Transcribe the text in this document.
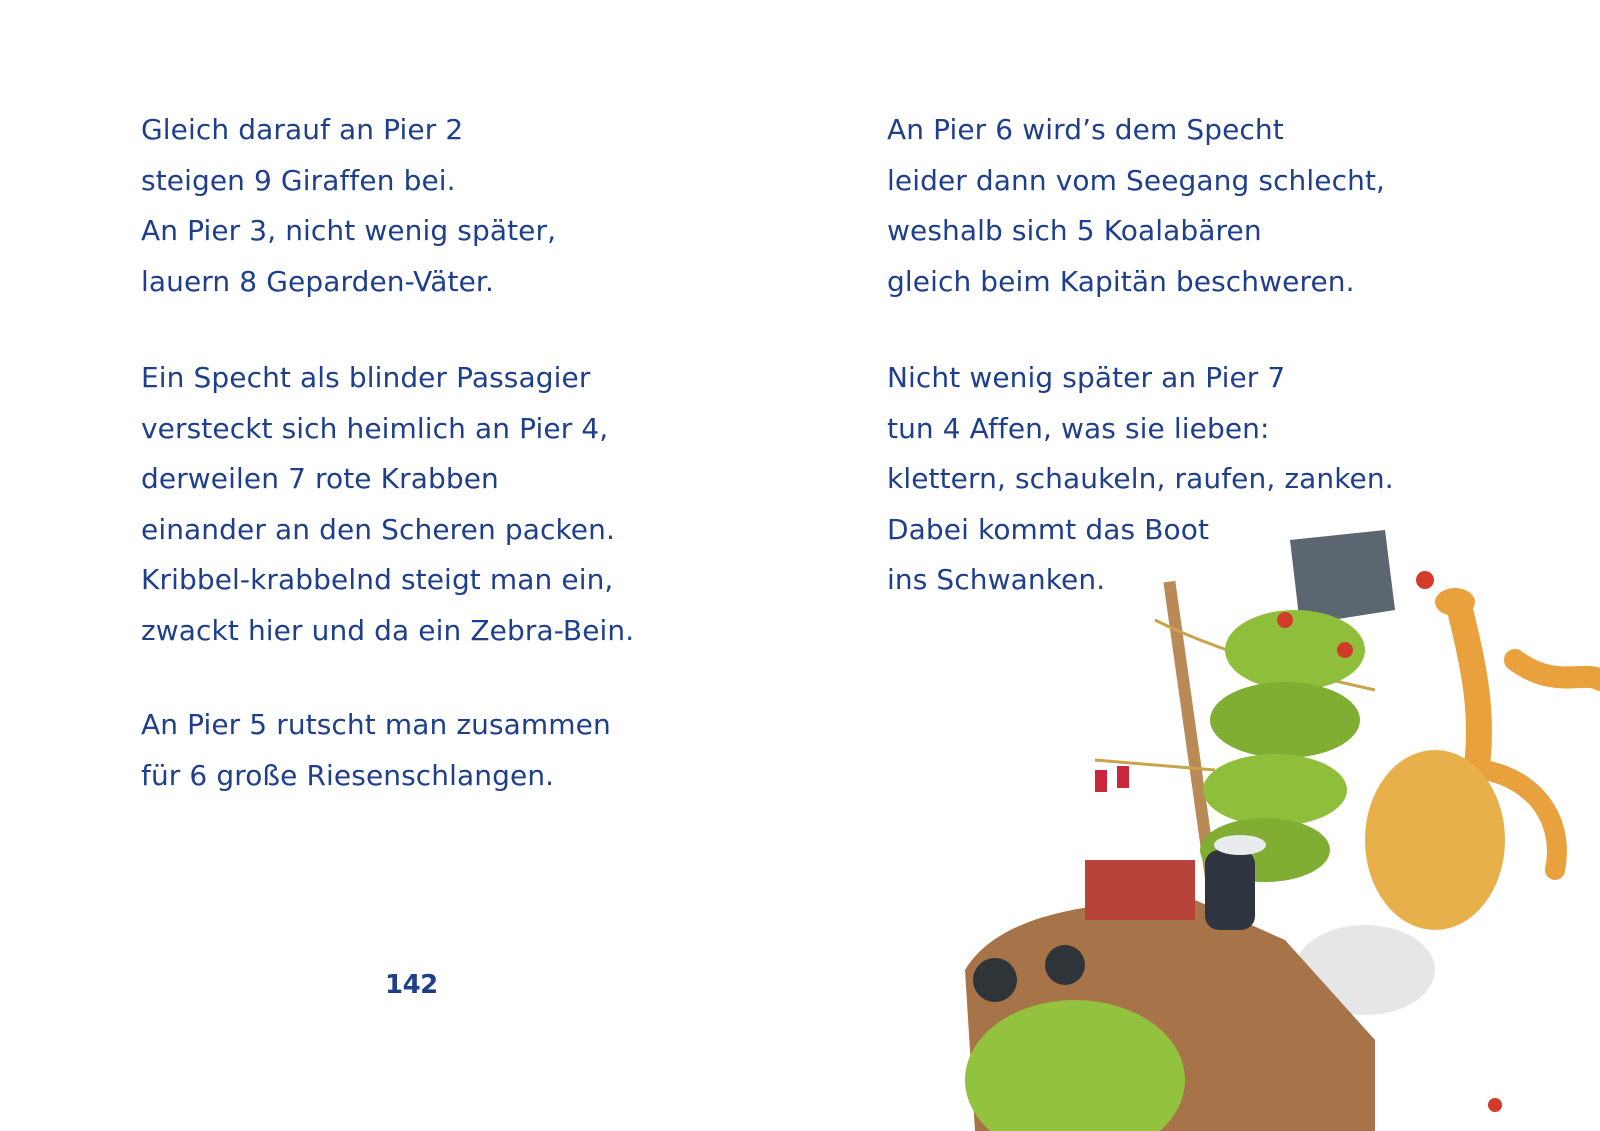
Gleich darauf an Pier 2
steigen 9 Giraffen bei.
An Pier 3, nicht wenig später,
lauern 8 Geparden-Väter.
Ein Specht als blinder Passagier
versteckt sich heimlich an Pier 4,
derweilen 7 rote Krabben
einander an den Scheren packen.
Kribbel-krabbelnd steigt man ein,
zwackt hier und da ein Zebra-Bein.
An Pier 5 rutscht man zusammen
für 6 große Riesenschlangen.
142
An Pier 6 wird’s dem Specht
leider dann vom Seegang schlecht,
weshalb sich 5 Koalabären
gleich beim Kapitän beschweren.
Nicht wenig später an Pier 7
tun 4 Affen, was sie lieben:
klettern, schaukeln, raufen, zanken.
Dabei kommt das Boot
ins Schwanken.
